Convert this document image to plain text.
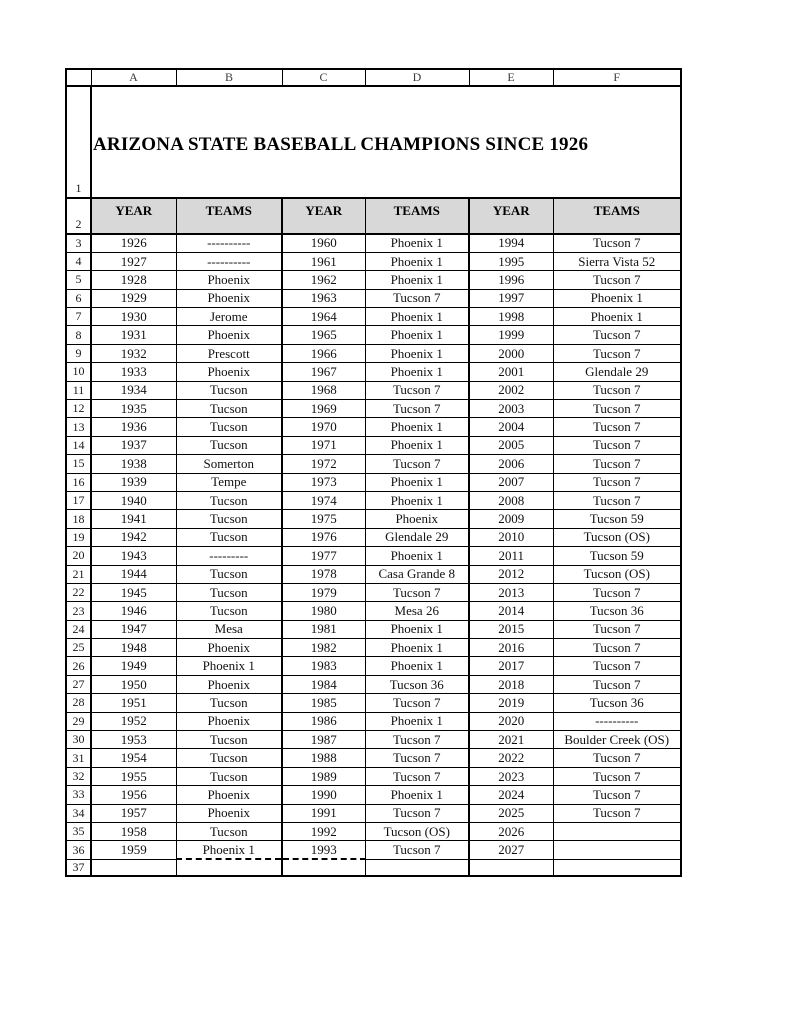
	A	B	C	D	E	F
1	ARIZONA STATE BASEBALL CHAMPIONS SINCE 1926					
2	YEAR	TEAMS	YEAR	TEAMS	YEAR	TEAMS
3	1926	----------	1960	Phoenix 1	1994	Tucson 7
4	1927	----------	1961	Phoenix 1	1995	Sierra Vista 52
5	1928	Phoenix	1962	Phoenix 1	1996	Tucson 7
6	1929	Phoenix	1963	Tucson 7	1997	Phoenix 1
7	1930	Jerome	1964	Phoenix 1	1998	Phoenix 1
8	1931	Phoenix	1965	Phoenix 1	1999	Tucson 7
9	1932	Prescott	1966	Phoenix 1	2000	Tucson 7
10	1933	Phoenix	1967	Phoenix 1	2001	Glendale 29
11	1934	Tucson	1968	Tucson 7	2002	Tucson 7
12	1935	Tucson	1969	Tucson 7	2003	Tucson 7
13	1936	Tucson	1970	Phoenix 1	2004	Tucson 7
14	1937	Tucson	1971	Phoenix 1	2005	Tucson 7
15	1938	Somerton	1972	Tucson 7	2006	Tucson 7
16	1939	Tempe	1973	Phoenix 1	2007	Tucson 7
17	1940	Tucson	1974	Phoenix 1	2008	Tucson 7
18	1941	Tucson	1975	Phoenix	2009	Tucson 59
19	1942	Tucson	1976	Glendale 29	2010	Tucson (OS)
20	1943	---------	1977	Phoenix 1	2011	Tucson 59
21	1944	Tucson	1978	Casa Grande 8	2012	Tucson (OS)
22	1945	Tucson	1979	Tucson 7	2013	Tucson 7
23	1946	Tucson	1980	Mesa 26	2014	Tucson 36
24	1947	Mesa	1981	Phoenix 1	2015	Tucson 7
25	1948	Phoenix	1982	Phoenix 1	2016	Tucson 7
26	1949	Phoenix 1	1983	Phoenix 1	2017	Tucson 7
27	1950	Phoenix	1984	Tucson 36	2018	Tucson 7
28	1951	Tucson	1985	Tucson 7	2019	Tucson 36
29	1952	Phoenix	1986	Phoenix 1	2020	----------
30	1953	Tucson	1987	Tucson 7	2021	Boulder Creek (OS)
31	1954	Tucson	1988	Tucson 7	2022	Tucson 7
32	1955	Tucson	1989	Tucson 7	2023	Tucson 7
33	1956	Phoenix	1990	Phoenix 1	2024	Tucson 7
34	1957	Phoenix	1991	Tucson 7	2025	Tucson 7
35	1958	Tucson	1992	Tucson (OS)	2026	
36	1959	Phoenix 1	1993	Tucson 7	2027	
37						
